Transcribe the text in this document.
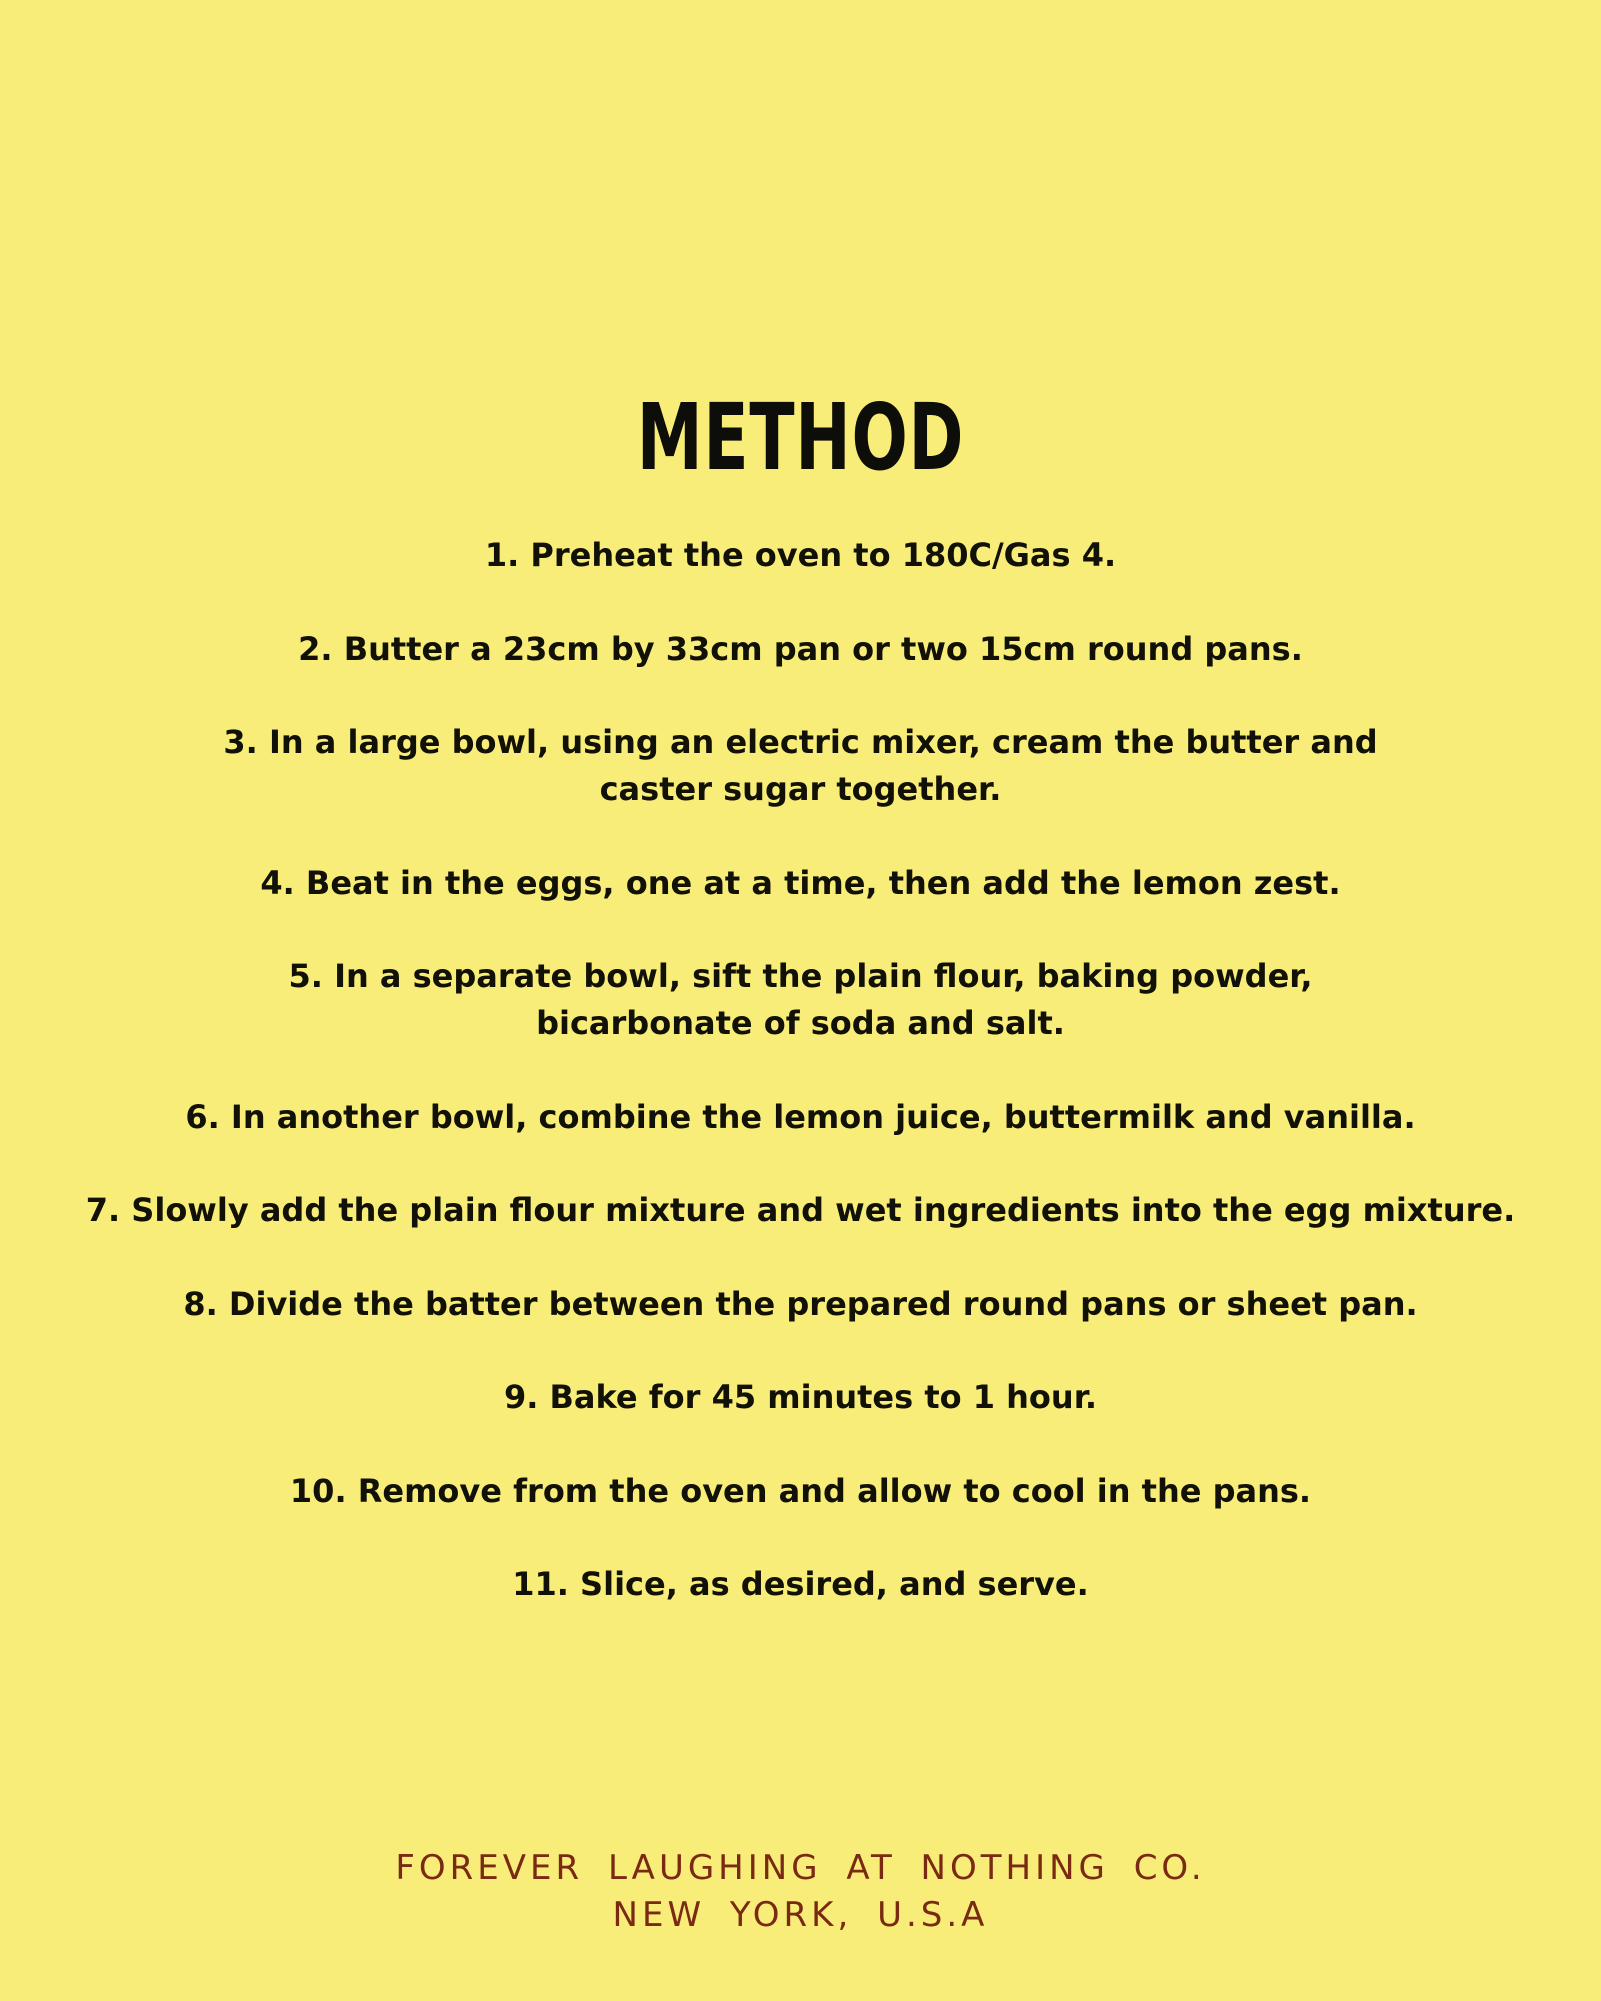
METHOD
1. Preheat the oven to 180C/Gas 4.
2. Butter a 23cm by 33cm pan or two 15cm round pans.
3. In a large bowl, using an electric mixer, cream the butter and
caster sugar together.
4. Beat in the eggs, one at a time, then add the lemon zest.
5. In a separate bowl, sift the plain flour, baking powder,
bicarbonate of soda and salt.
6. In another bowl, combine the lemon juice, buttermilk and vanilla.
7. Slowly add the plain flour mixture and wet ingredients into the egg mixture.
8. Divide the batter between the prepared round pans or sheet pan.
9. Bake for 45 minutes to 1 hour.
10. Remove from the oven and allow to cool in the pans.
11. Slice, as desired, and serve.
FOREVER LAUGHING AT NOTHING CO.
NEW YORK, U.S.A
